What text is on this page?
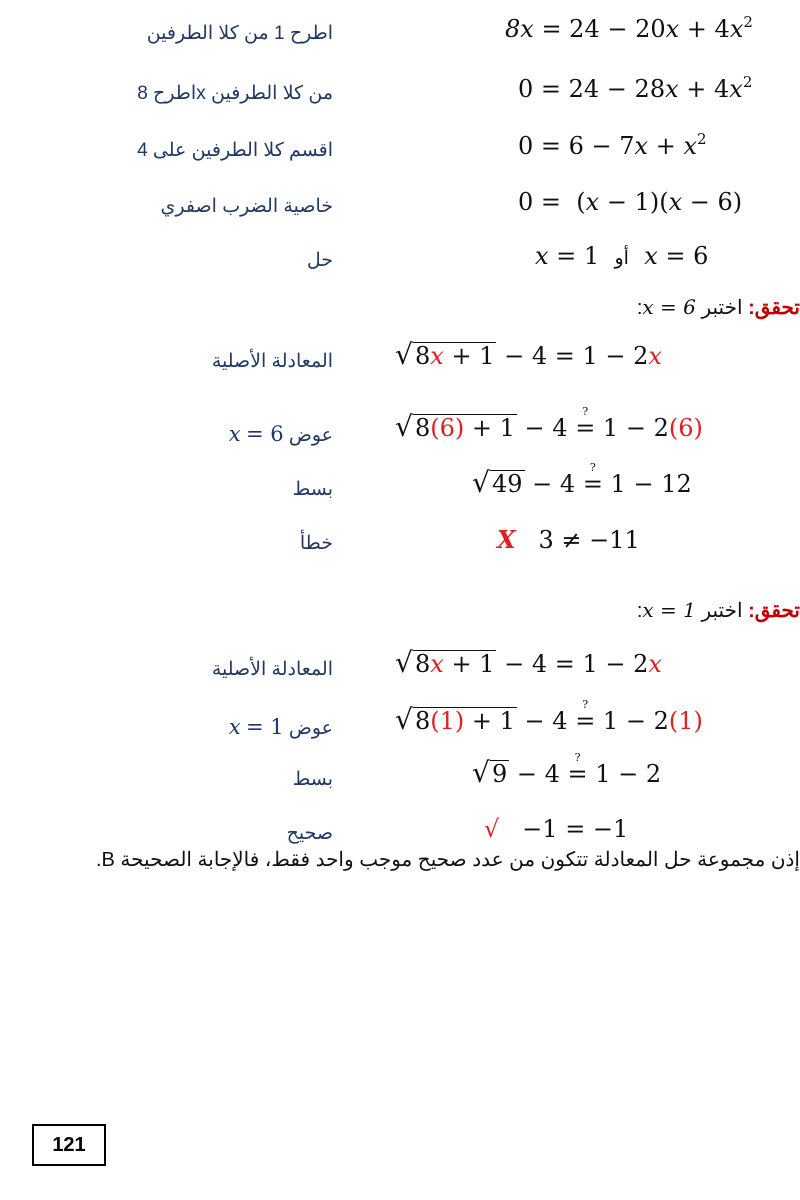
$8x = 24 - 20x + 4x^2$
اطرح 1 من كلا الطرفين
$0 = 24 - 28x + 4x^2$
اطرح 8x من كلا الطرفين
$0 = 6 - 7x + x^2$
اقسم كلا الطرفين على 4
0 =  (x − 1)(x − 6)
خاصية الضرب اصفري
x = 1  أو x = 6
حل
تحقق: اختبر x = 6:
√ 8x + 1 − 4 = 1 − 2x
المعادلة الأصلية
√ 8(6) + 1 − 4 ? = 1 − 2(6)
x = 6 عوض
√ 49 − 4 ? = 1 − 12
بسط
X   3 ≠ −11
خطأ
تحقق: اختبر x = 1:
√ 8x + 1 − 4 = 1 − 2x
المعادلة الأصلية
√ 8(1) + 1 − 4 ? = 1 − 2(1)
x = 1 عوض
√ 9 − 4 ? = 1 − 2
بسط
√   −1 = −1
صحيح
إذن مجموعة حل المعادلة تتكون من عدد صحيح موجب واحد فقط، فالإجابة الصحيحة B.
121
